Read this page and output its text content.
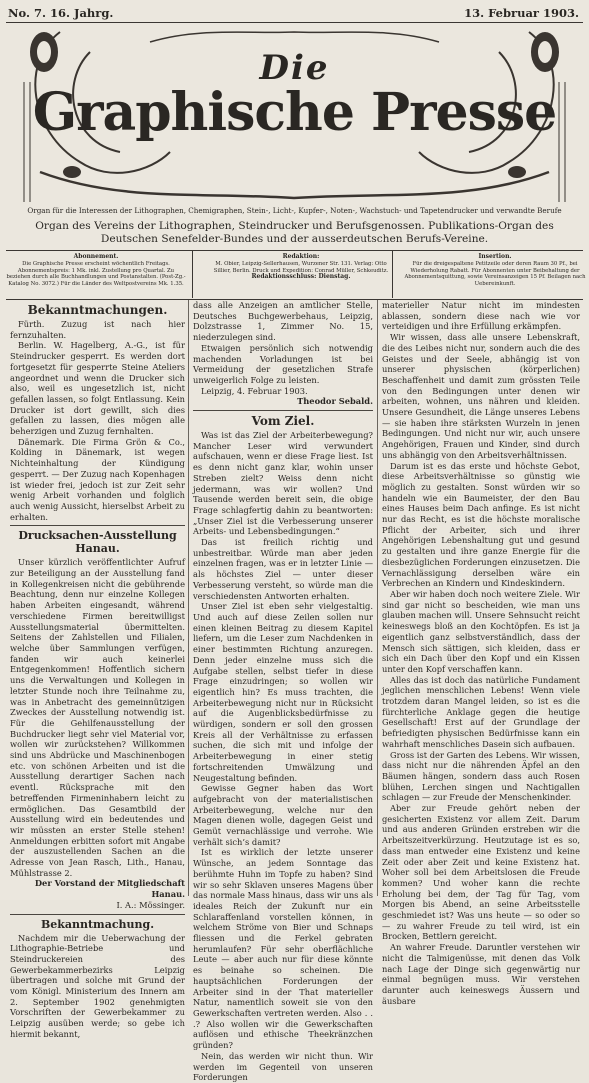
No. 7. 16. Jahrg.	13. Februar 1903.
Die
Graphische Presse
Organ für die Interessen der Lithographen, Chemigraphen, Stein-, Licht-, Kupfer-, Noten-, Wachstuch- und Tapetendrucker und verwandte Berufe
Organ des Vereins der Lithographen, Steindrucker und Berufsgenossen. Publikations-Organ des Deutschen Senefelder-Bundes und der ausserdeutschen Berufs-Vereine.
Abonnement.
Die Graphische Presse erscheint wöchentlich Freitags. Abonnementspreis: 1 Mk. inkl. Zustellung pro Quartal. Zu beziehen durch alle Buchhandlungen und Postanstalten. (Post-Zg.-Katalog No. 3072.) Für die Länder des Weltpostvereins Mk. 1.35.
Redaktion:
M. Obier, Leipzig-Sellerhausen, Wurzener Str. 131. Verlag: Otto Sillier, Berlin. Druck und Expedition: Conrad Müller, Schkeuditz.
Redaktionsschluss: Dienstag.
Insertion.
Für die dreigespaltene Petitzeile oder deren Raum 30 Pf., bei Wiederholung Rabatt. Für Abonnenten unter Beibehaltung der Abonnementsquittung, sowie Vereinsanzeigen 15 Pf. Beilagen nach Uebereinkunft.
Bekanntmachungen.

Fürth. Zuzug ist nach hier fernzuhalten.

Berlin. W. Hagelberg, A.-G., ist für Steindrucker gesperrt. Es werden dort fortgesetzt für gesperrte Steine Ateliers angeordnet und wenn die Drucker sich also, weil es ungesetzlich ist, nicht gefallen lassen, so folgt Entlassung. Kein Drucker ist dort gewillt, sich dies gefallen zu lassen, dies mögen alle beherzigen und Zuzug fernhalten.

Dänemark. Die Firma Grön & Co., Kolding in Dänemark, ist wegen Nichteinhaltung der Kündigung gesperrt. — Der Zuzug nach Kopenhagen ist wieder frei, jedoch ist zur Zeit sehr wenig Arbeit vorhanden und folglich auch wenig Aussicht, hierselbst Arbeit zu erhalten.

Drucksachen-Ausstellung Hanau.

Unser kürzlich veröffentlichter Aufruf zur Beteiligung an der Ausstellung fand in Kollegenkreisen nicht die gebührende Beachtung, denn nur einzelne Kollegen haben Arbeiten eingesandt, während verschiedene Firmen bereitwilligst Ausstellungsmaterial übermittelten. Seitens der Zahlstellen und Filialen, welche über Sammlungen verfügen, fanden wir auch keinerlei Entgegenkommen! Hoffentlich sichern uns die Verwaltungen und Kollegen in letzter Stunde noch ihre Teilnahme zu, was in Anbetracht des gemeinnützigen Zweckes der Ausstellung notwendig ist. Für die Gehilfenausstellung der Buchdrucker liegt sehr viel Material vor, wollen wir zurückstehen? Willkommen sind uns Abdrücke und Maschinenbogen etc. von schönen Arbeiten und ist die Ausstellung derartiger Sachen nach eventl. Rücksprache mit den betreffenden Firmeninhabern leicht zu ermöglichen. Das Gesamtbild der Ausstellung wird ein bedeutendes und wir müssten an erster Stelle stehen! Anmeldungen erbitten sofort mit Angabe der auszustellenden Sachen an die Adresse von Jean Rasch, Lith., Hanau, Mühlstrasse 2.

Der Vorstand der Mitgliedschaft Hanau.

I. A.: Mössinger.

Bekanntmachung.

Nachdem mir die Ueberwachung der Lithographie-Betriebe und Steindruckereien des Gewerbekammerbezirks Leipzig übertragen und solche mit Grund der vom Königl. Ministerium des Innern am 2. September 1902 genehmigten Vorschriften der Gewerbekammer zu Leipzig ausüben werde; so gebe ich hiermit bekannt,

dass alle Anzeigen an amtlicher Stelle, Deutsches Buchgewerbehaus, Leipzig, Dolzstrasse 1, Zimmer No. 15, niederzulegen sind.

Etwaigen persönlich sich notwendig machenden Vorladungen ist bei Vermeidung der gesetzlichen Strafe unweigerlich Folge zu leisten.

Leipzig, 4. Februar 1903.

Theodor Sebald.

Vom Ziel.

Was ist das Ziel der Arbeiterbewegung? Mancher Leser wird verwundert aufschauen, wenn er diese Frage liest. Ist es denn nicht ganz klar, wohin unser Streben zielt? Weiss denn nicht jedermann, was wir wollen? Und Tausende werden bereit sein, die obige Frage schlagfertig dahin zu beantworten: „Unser Ziel ist die Verbesserung unserer Arbeits- und Lebensbedingungen.“

Das ist freilich richtig und unbestreitbar. Würde man aber jeden einzelnen fragen, was er in letzter Linie — als höchstes Ziel — unter dieser Verbesserung versteht, so würde man die verschiedensten Antworten erhalten.

Unser Ziel ist eben sehr vielgestaltig. Und auch auf diese Zeilen sollen nur einen kleinen Beitrag zu diesem Kapitel liefern, um die Leser zum Nachdenken in einer bestimmten Richtung anzuregen. Denn jeder einzelne muss sich die Aufgabe stellen, selbst tiefer in diese Frage einzudringen; so wollen wir eigentlich hin? Es muss trachten, die Arbeiterbewegung nicht nur in Rücksicht auf die Augenblicksbedürfnisse zu würdigen, sondern er soll den grossen Kreis all der Verhältnisse zu erfassen suchen, die sich mit und infolge der Arbeiterbewegung in einer stetig fortschreitenden Umwälzung und Neugestaltung befinden.

Gewisse Gegner haben das Wort aufgebracht von der materialistischen Arbeiterbewegung, welche nur den Magen dienen wolle, dagegen Geist und Gemüt vernachlässige und verrohe. Wie verhält sich’s damit?

Ist es wirklich der letzte unserer Wünsche, an jedem Sonntage das berühmte Huhn im Topfe zu haben? Sind wir so sehr Sklaven unseres Magens über das normale Mass hinaus, dass wir uns als ideales Reich der Zukunft nur ein Schlaraffenland vorstellen können, in welchem Ströme von Bier und Schnaps fliessen und die Ferkel gebraten herumlaufen? Für sehr oberflächliche Leute — aber auch nur für diese könnte es beinahe so scheinen. Die hauptsächlichen Forderungen der Arbeiter sind in der That materieller Natur, namentlich soweit sie von den Gewerkschaften vertreten werden. Also . . .? Also wollen wir die Gewerkschaften auflösen und ethische Theekränzchen gründen?

Nein, das werden wir nicht thun. Wir werden im Gegenteil von unseren Forderungen

materieller Natur nicht im mindesten ablassen, sondern diese nach wie vor verteidigen und ihre Erfüllung erkämpfen.

Wir wissen, dass alle unsere Lebenskraft, die des Leibes nicht nur, sondern auch die des Geistes und der Seele, abhängig ist von unserer physischen (körperlichen) Beschaffenheit und damit zum grössten Teile von den Bedingungen unter denen wir arbeiten, wohnen, uns nähren und kleiden. Unsere Gesundheit, die Länge unseres Lebens — sie haben ihre stärksten Wurzeln in jenen Bedingungen. Und nicht nur wir, auch unsere Angehörigen, Frauen und Kinder, sind durch uns abhängig von den Arbeitsverhältnissen.

Darum ist es das erste und höchste Gebot, diese Arbeitsverhältnisse so günstig wie möglich zu gestalten. Sonst würden wir so handeln wie ein Baumeister, der den Bau eines Hauses beim Dach anfinge. Es ist nicht nur das Recht, es ist die höchste moralische Pflicht der Arbeiter, sich und ihrer Angehörigen Lebenshaltung gut und gesund zu gestalten und ihre ganze Energie für die diesbezüglichen Forderungen einzusetzen. Die Vernachlässigung derselben wäre ein Verbrechen an Kindern und Kindeskindern.

Aber wir haben doch noch weitere Ziele. Wir sind gar nicht so bescheiden, wie man uns glauben machen will. Unsere Sehnsucht reicht keineswegs bloß an den Kochtöpfen. Es ist ja eigentlich ganz selbstverständlich, dass der Mensch sich sättigen, sich kleiden, dass er sich ein Dach über den Kopf und ein Kissen unter den Kopf verschaffen kann.

Alles das ist doch das natürliche Fundament jeglichen menschlichen Lebens! Wenn viele trotzdem daran Mangel leiden, so ist es die fürchterliche Anklage gegen die heutige Gesellschaft! Erst auf der Grundlage der befriedigten physischen Bedürfnisse kann ein wahrhaft menschliches Dasein sich aufbauen.

Gross ist der Garten des Lebens. Wir wissen, dass nicht nur die nährenden Äpfel an den Bäumen hängen, sondern dass auch Rosen blühen, Lerchen singen und Nachtigallen schlagen — zur Freude der Menschenkinder.

Aber zur Freude gehört neben der gesicherten Existenz vor allem Zeit. Darum und aus anderen Gründen erstreben wir die Arbeitszeitverkürzung. Heutzutage ist es so, dass man entweder eine Existenz und keine Zeit oder aber Zeit und keine Existenz hat. Woher soll bei dem Arbeitslosen die Freude kommen? Und woher kann die rechte Erholung bei dem, der Tag für Tag, vom Morgen bis Abend, an seine Arbeitsstelle geschmiedet ist? Was uns heute — so oder so — zu wahrer Freude zu teil wird, ist ein Brocken, Bettlern gereicht.

An wahrer Freude. Daruntler verstehen wir nicht die Talmigenüsse, mit denen das Volk nach Lage der Dinge sich gegenwärtig nur einmal begnügen muss. Wir verstehen darunter auch keineswegs Äussern und äusbare
